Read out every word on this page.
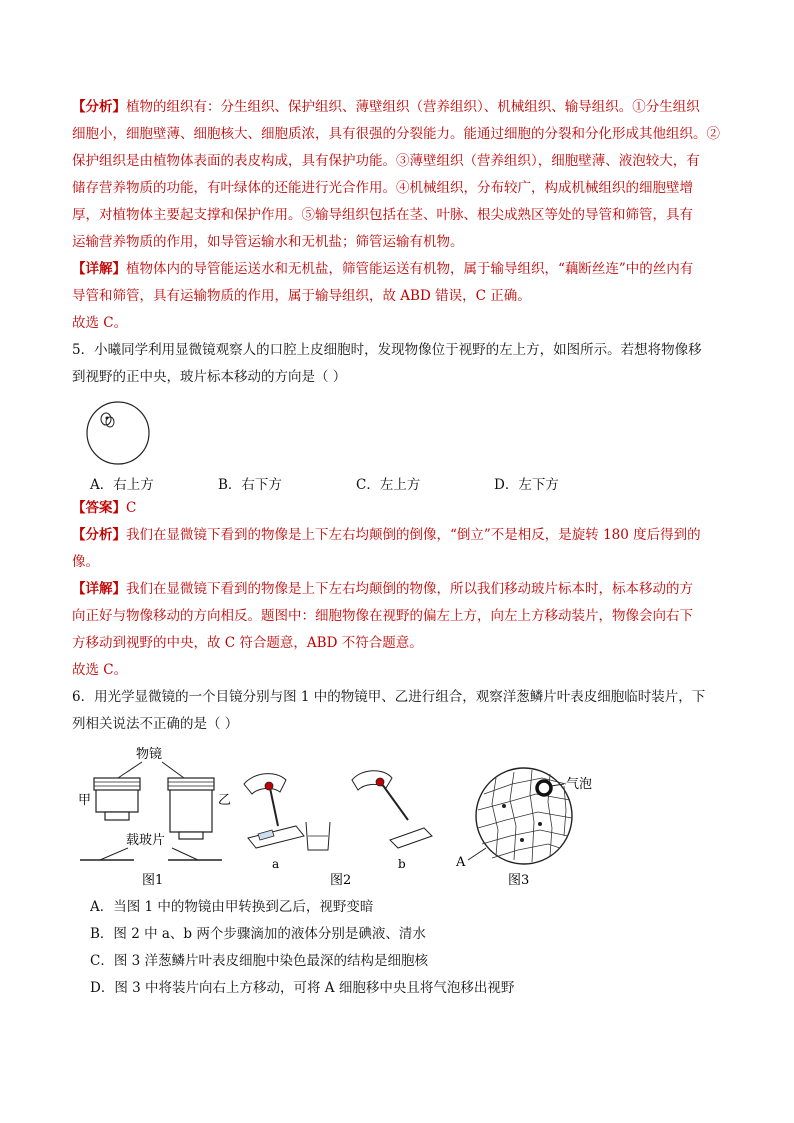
【分析】植物的组织有：分生组织、保护组织、薄壁组织（营养组织）、机械组织、输导组织。①分生组织

细胞小，细胞壁薄、细胞核大、细胞质浓，具有很强的分裂能力。能通过细胞的分裂和分化形成其他组织。②

保护组织是由植物体表面的表皮构成，具有保护功能。③薄壁组织（营养组织），细胞壁薄、液泡较大，有

储存营养物质的功能，有叶绿体的还能进行光合作用。④机械组织，分布较广，构成机械组织的细胞壁增

厚，对植物体主要起支撑和保护作用。⑤输导组织包括在茎、叶脉、根尖成熟区等处的导管和筛管，具有

运输营养物质的作用，如导管运输水和无机盐；筛管运输有机物。

【详解】植物体内的导管能运送水和无机盐，筛管能运送有机物，属于输导组织，“藕断丝连”中的丝内有

导管和筛管，具有运输物质的作用，属于输导组织，故 ABD 错误，C 正确。

故选 C。

5．小曦同学利用显微镜观察人的口腔上皮细胞时，发现物像位于视野的左上方，如图所示。若想将物像移

到视野的正中央，玻片标本移动的方向是（ ）

A．右上方	B．右下方	C．左上方	D．左下方

【答案】C

【分析】我们在显微镜下看到的物像是上下左右均颠倒的倒像，“倒立”不是相反，是旋转 180 度后得到的

像。

【详解】我们在显微镜下看到的物像是上下左右均颠倒的物像，所以我们移动玻片标本时，标本移动的方

向正好与物像移动的方向相反。题图中：细胞物像在视野的偏左上方，向左上方移动装片，物像会向右下

方移动到视野的中央，故 C 符合题意，ABD 不符合题意。

故选 C。

6．用光学显微镜的一个目镜分别与图 1 中的物镜甲、乙进行组合，观察洋葱鳞片叶表皮细胞临时装片，下

列相关说法不正确的是（ ）

物镜
甲	乙
载玻片
图1
a	b
图2
气泡
A
图3

A．当图 1 中的物镜由甲转换到乙后，视野变暗

B．图 2 中 a、b 两个步骤滴加的液体分别是碘液、清水

C．图 3 洋葱鳞片叶表皮细胞中染色最深的结构是细胞核

D．图 3 中将装片向右上方移动，可将 A 细胞移中央且将气泡移出视野
